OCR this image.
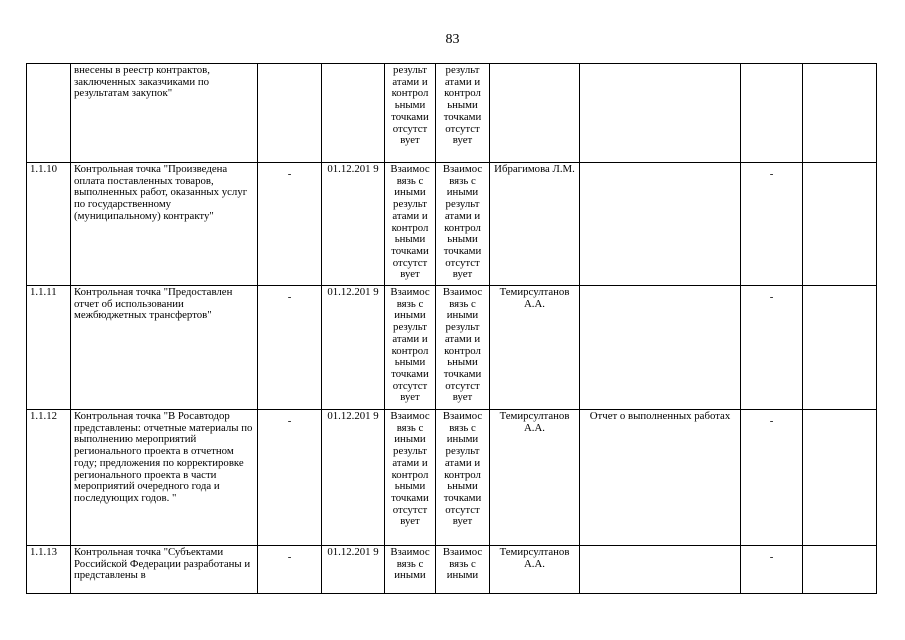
83
	внесены в реестр контрактов, заключенных заказчиками по результатам закупок"			результ атами и контрол ьными точками отсутст вует	результ атами и контрол ьными точками отсутст вует				
1.1.10	Контрольная точка "Произведена оплата поставленных товаров, выполненных работ, оказанных услуг по государственному (муниципальному) контракту"	-	01.12.201 9	Взаимос вязь с иными результ атами и контрол ьными точками отсутст вует	Взаимос вязь с иными результ атами и контрол ьными точками отсутст вует	Ибрагимова Л.М.		-	
1.1.11	Контрольная точка "Предоставлен отчет об использовании межбюджетных трансфертов"	-	01.12.201 9	Взаимос вязь с иными результ атами и контрол ьными точками отсутст вует	Взаимос вязь с иными результ атами и контрол ьными точками отсутст вует	Темирсултанов А.А.		-	
1.1.12	Контрольная точка "В Росавтодор представлены: отчетные материалы по выполнению мероприятий регионального проекта в отчетном году; предложения по корректировке регионального проекта в части мероприятий очередного года и последующих годов. "	-	01.12.201 9	Взаимос вязь с иными результ атами и контрол ьными точками отсутст вует	Взаимос вязь с иными результ атами и контрол ьными точками отсутст вует	Темирсултанов А.А.	Отчет о выполненных работах	-	
1.1.13	Контрольная точка "Субъектами Российской Федерации разработаны и представлены в	-	01.12.201 9	Взаимос вязь с иными	Взаимос вязь с иными	Темирсултанов А.А.		-	
